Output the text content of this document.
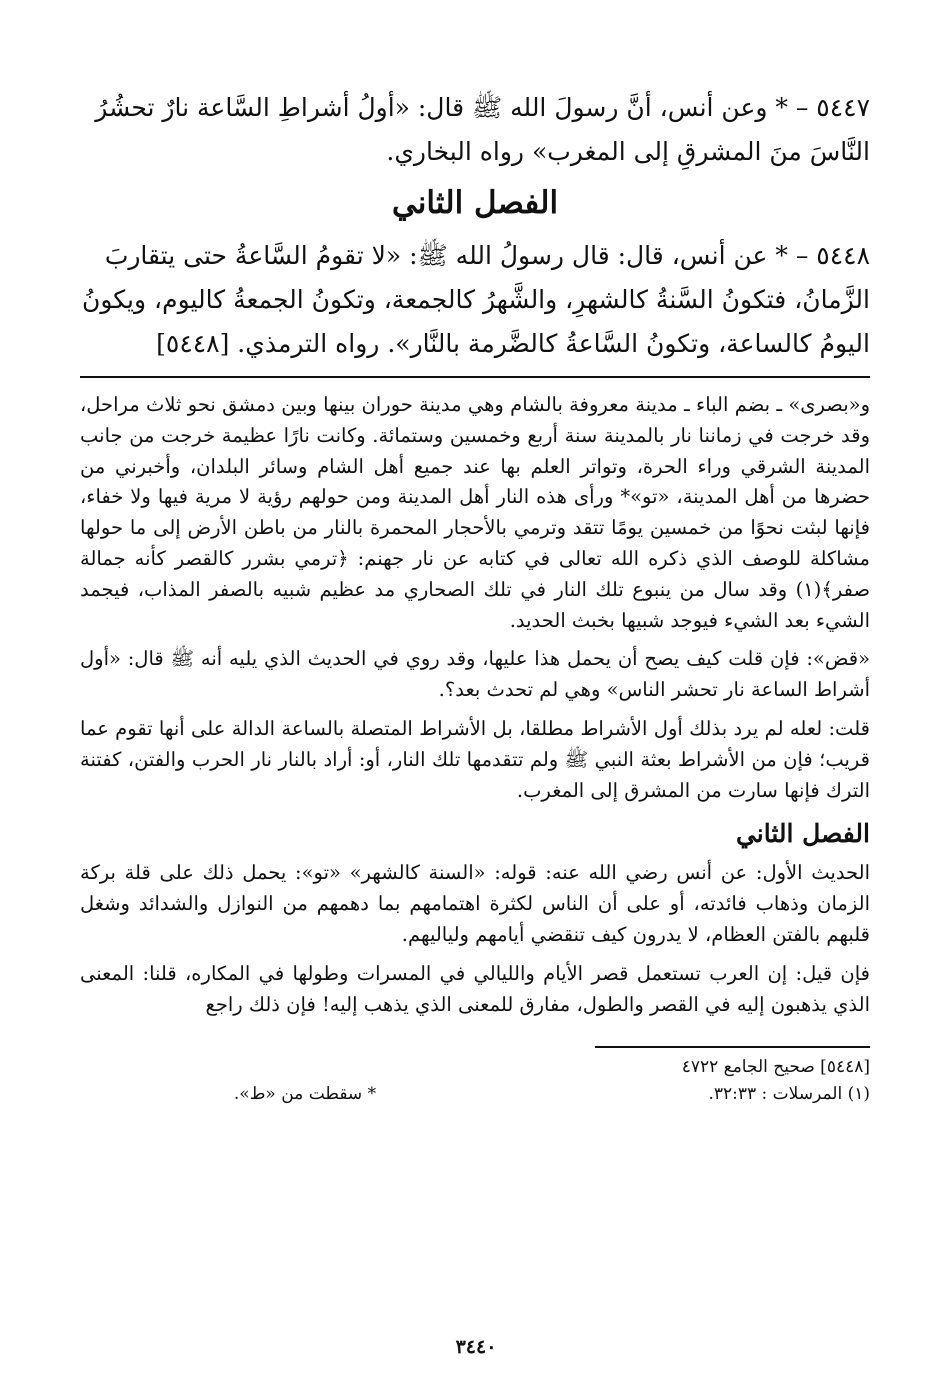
٥٤٤٧ – * وعن أنس، أنَّ رسولَ الله ﷺ قال: «أولُ أشراطِ السَّاعة نارٌ تحشُرُ
النَّاسَ منَ المشرقِ إلى المغرب» رواه البخاري.
الفصل الثاني
٥٤٤٨ – * عن أنس، قال: قال رسولُ الله ﷺ: «لا تقومُ السَّاعةُ حتى يتقاربَ
الزَّمانُ، فتكونُ السَّنةُ كالشهرِ، والشَّهرُ كالجمعة، وتكونُ الجمعةُ كاليوم، ويكونُ
اليومُ كالساعة، وتكونُ السَّاعةُ كالضَّرمة بالنَّار». رواه الترمذي. [٥٤٤٨]

و«بصرى» ـ بضم الباء ـ مدينة معروفة بالشام وهي مدينة حوران بينها وبين دمشق نحو ثلاث مراحل، وقد خرجت في زماننا نار بالمدينة سنة أربع وخمسين وستمائة. وكانت نارًا عظيمة خرجت من جانب المدينة الشرقي وراء الحرة، وتواتر العلم بها عند جميع أهل الشام وسائر البلدان، وأخبرني من حضرها من أهل المدينة، «تو»* ورأى هذه النار أهل المدينة ومن حولهم رؤية لا مرية فيها ولا خفاء، فإنها لبثت نحوًا من خمسين يومًا تتقد وترمي بالأحجار المحمرة بالنار من باطن الأرض إلى ما حولها مشاكلة للوصف الذي ذكره الله تعالى في كتابه عن نار جهنم: ﴿ترمي بشرر كالقصر كأنه جمالة صفر﴾(١) وقد سال من ينبوع تلك النار في تلك الصحاري مد عظيم شبيه بالصفر المذاب، فيجمد الشيء بعد الشيء فيوجد شبيها بخبث الحديد.

«قض»: فإن قلت كيف يصح أن يحمل هذا عليها، وقد روي في الحديث الذي يليه أنه ﷺ قال: «أول أشراط الساعة نار تحشر الناس» وهي لم تحدث بعد؟.

قلت: لعله لم يرد بذلك أول الأشراط مطلقا، بل الأشراط المتصلة بالساعة الدالة على أنها تقوم عما قريب؛ فإن من الأشراط بعثة النبي ﷺ ولم تتقدمها تلك النار، أو: أراد بالنار نار الحرب والفتن، كفتنة الترك فإنها سارت من المشرق إلى المغرب.

الفصل الثاني

الحديث الأول: عن أنس رضي الله عنه: قوله: «السنة كالشهر» «تو»: يحمل ذلك على قلة بركة الزمان وذهاب فائدته، أو على أن الناس لكثرة اهتمامهم بما دهمهم من النوازل والشدائد وشغل قلبهم بالفتن العظام، لا يدرون كيف تنقضي أيامهم ولياليهم.

فإن قيل: إن العرب تستعمل قصر الأيام والليالي في المسرات وطولها في المكاره، قلنا: المعنى الذي يذهبون إليه في القصر والطول، مفارق للمعنى الذي يذهب إليه! فإن ذلك راجع

[٥٤٤٨] صحيح الجامع ٤٧٢٢
(١) المرسلات : ٣٢:٣٣.
* سقطت من «ط».
٣٤٤٠
